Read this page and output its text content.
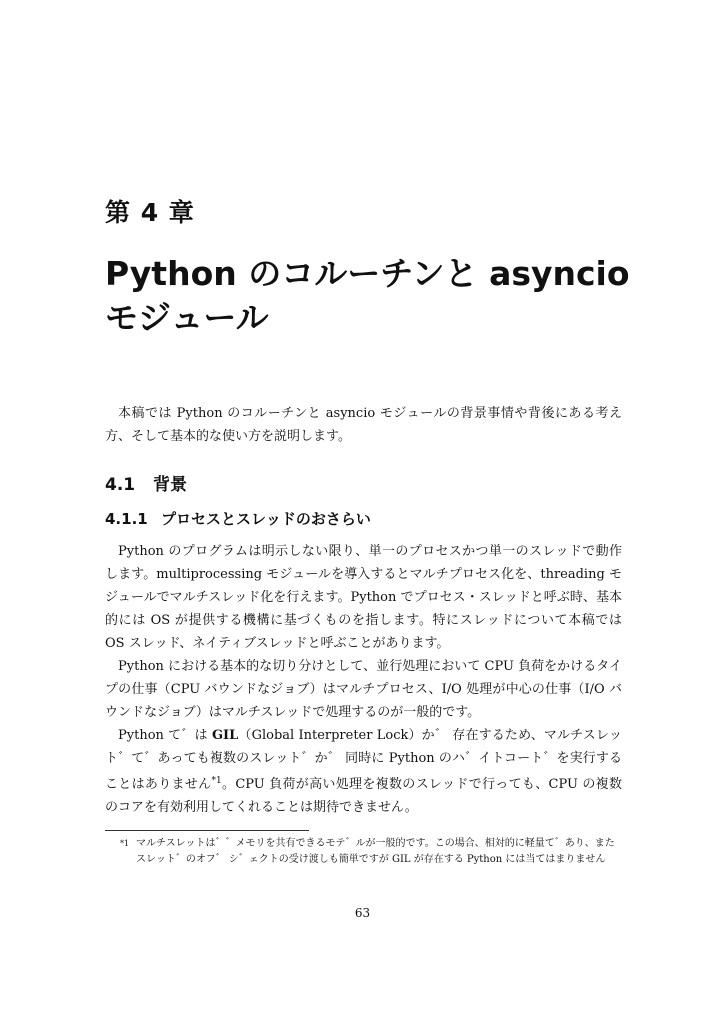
第 4 章
Python のコルーチンと asyncio モジュール

本稿では Python のコルーチンと asyncio モジュールの背景事情や背後にある考え方、そして基本的な使い方を説明します。

4.1 背景
4.1.1 プロセスとスレッドのおさらい

Python のプログラムは明示しない限り、単一のプロセスかつ単一のスレッドで動作します。multiprocessing モジュールを導入するとマルチプロセス化を、threading モジュールでマルチスレッド化を行えます。Python でプロセス・スレッドと呼ぶ時、基本的には OS が提供する機構に基づくものを指します。特にスレッドについて本稿では OS スレッド、ネイティブスレッドと呼ぶことがあります。

Python における基本的な切り分けとして、並行処理において CPU 負荷をかけるタイプの仕事（CPU バウンドなジョブ）はマルチプロセス、I/O 処理が中心の仕事（I/O バウンドなジョブ）はマルチスレッドで処理するのが一般的です。

Python て゛は GIL（Global Interpreter Lock）か゛ 存在するため、マルチスレット゛て゛あっても複数のスレット゛か゛ 同時に Python のハ゛イトコート゛を実行することはありません$^{*1}$。CPU 負荷が高い処理を複数のスレッドで行っても、CPU の複数のコアを有効利用してくれることは期待できません。

*1 マルチスレットは゛゛メモリを共有できるモテ゛ルが一般的です。この場合、相対的に軽量て゛あり、またスレット゛のオフ゛ シ゛ェクトの受け渡しも簡単ですが GIL が存在する Python には当てはまりません
63
